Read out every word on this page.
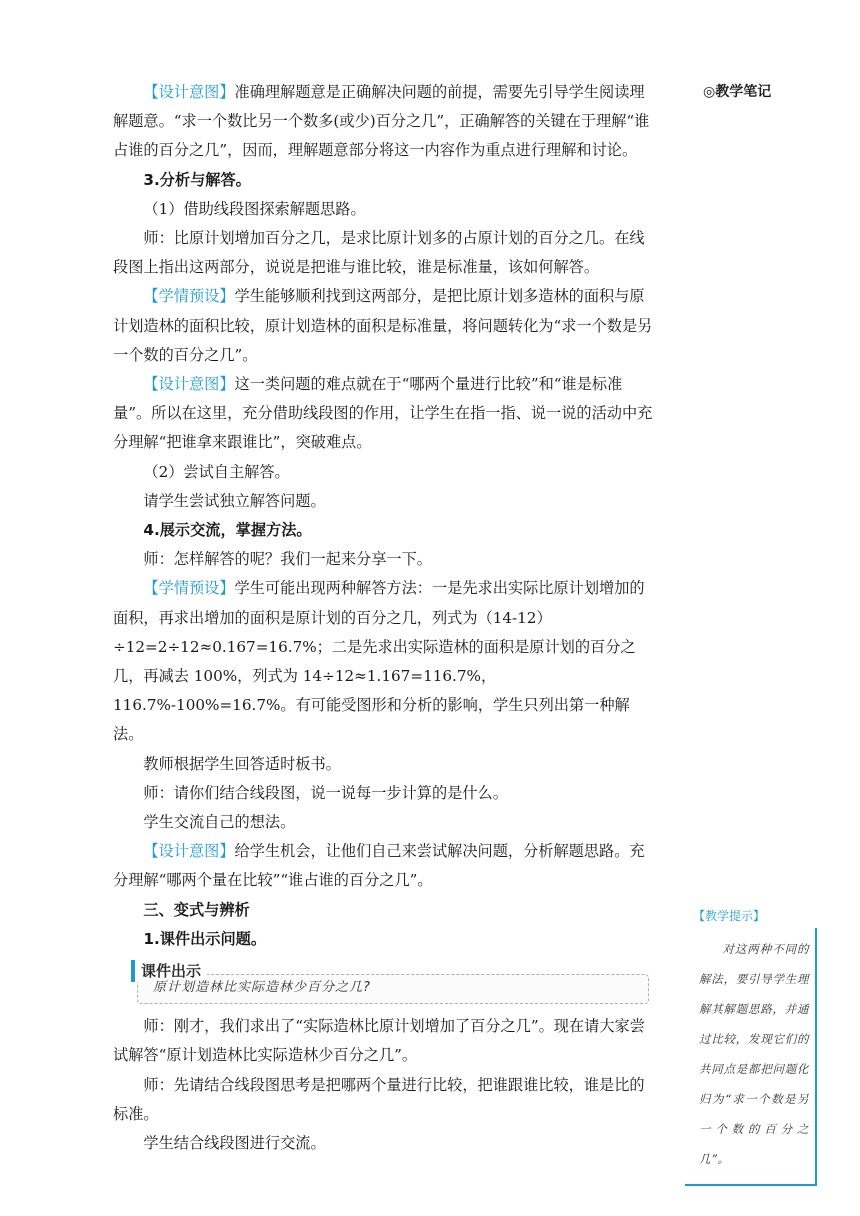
【设计意图】准确理解题意是正确解决问题的前提，需要先引导学生阅读理解题意。“求一个数比另一个数多(或少)百分之几”，正确解答的关键在于理解“谁占谁的百分之几”，因而，理解题意部分将这一内容作为重点进行理解和讨论。

3.分析与解答。

（1）借助线段图探索解题思路。

师：比原计划增加百分之几，是求比原计划多的占原计划的百分之几。在线段图上指出这两部分，说说是把谁与谁比较，谁是标准量，该如何解答。

【学情预设】学生能够顺利找到这两部分，是把比原计划多造林的面积与原计划造林的面积比较，原计划造林的面积是标准量，将问题转化为“求一个数是另一个数的百分之几”。

【设计意图】这一类问题的难点就在于“哪两个量进行比较”和“谁是标准量”。所以在这里，充分借助线段图的作用，让学生在指一指、说一说的活动中充分理解“把谁拿来跟谁比”，突破难点。

（2）尝试自主解答。

请学生尝试独立解答问题。

4.展示交流，掌握方法。

师：怎样解答的呢？我们一起来分享一下。

【学情预设】学生可能出现两种解答方法：一是先求出实际比原计划增加的面积，再求出增加的面积是原计划的百分之几，列式为（14-12）÷12=2÷12≈0.167=16.7%；二是先求出实际造林的面积是原计划的百分之几，再减去 100%，列式为 14÷12≈1.167=116.7%，116.7%-100%=16.7%。有可能受图形和分析的影响，学生只列出第一种解法。

教师根据学生回答适时板书。

师：请你们结合线段图，说一说每一步计算的是什么。

学生交流自己的想法。

【设计意图】给学生机会，让他们自己来尝试解决问题，分析解题思路。充分理解“哪两个量在比较”“谁占谁的百分之几”。

三、变式与辨析

1.课件出示问题。

课件出示
原计划造林比实际造林少百分之几?

师：刚才，我们求出了“实际造林比原计划增加了百分之几”。现在请大家尝试解答“原计划造林比实际造林少百分之几”。

师：先请结合线段图思考是把哪两个量进行比较，把谁跟谁比较，谁是比的标准。

学生结合线段图进行交流。

◎教学笔记
【教学提示】
对这两种不同的解法，要引导学生理解其解题思路，并通过比较，发现它们的共同点是都把问题化归为“求一个数是另一个数的百分之几”。
